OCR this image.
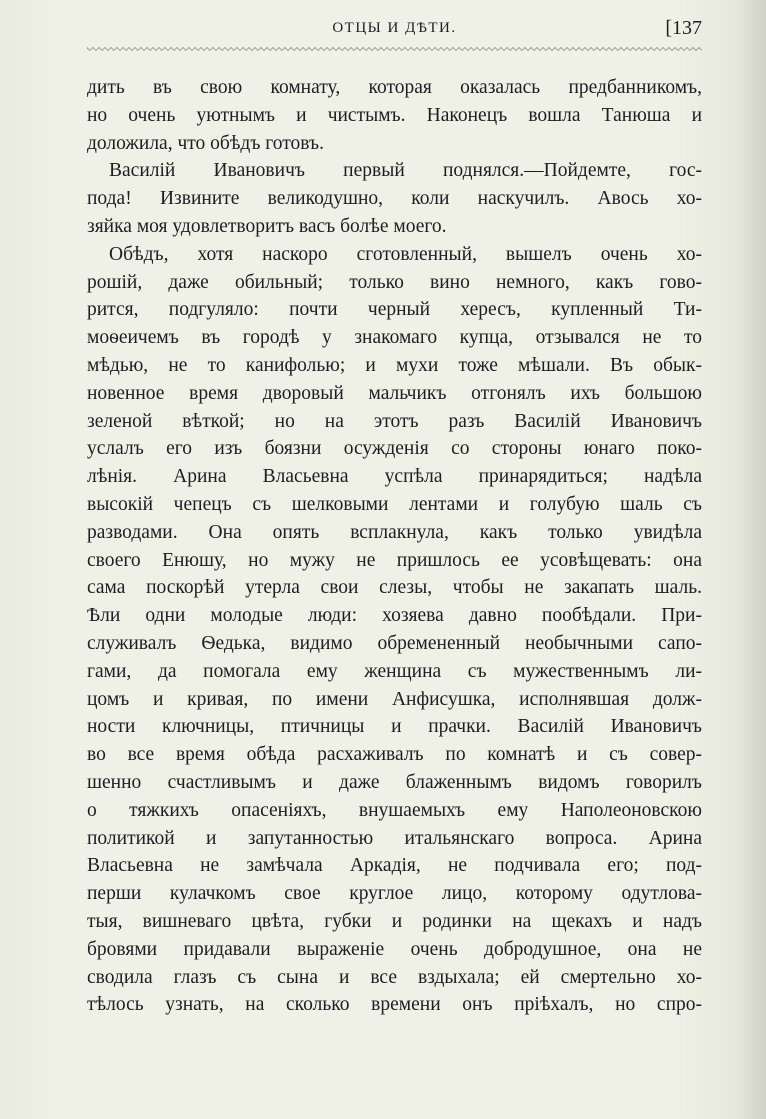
ОТЦЫ И ДѢТИ.	[137
дить въ свою комнату, которая оказалась предбанникомъ,
но очень уютнымъ и чистымъ. Наконецъ вошла Танюша и
доложила, что обѣдъ готовъ.
Василій Ивановичъ первый поднялся.—Пойдемте, гос-
пода! Извините великодушно, коли наскучилъ. Авось хо-
зяйка моя удовлетворитъ васъ болѣе моего.
Обѣдъ, хотя наскоро сготовленный, вышелъ очень хо-
рошій, даже обильный; только вино немного, какъ гово-
рится, подгуляло: почти черный хересъ, купленный Ти-
моѳеичемъ въ городѣ у знакомаго купца, отзывался не то
мѣдью, не то канифолью; и мухи тоже мѣшали. Въ обык-
новенное время дворовый мальчикъ отгонялъ ихъ большою
зеленой вѣткой; но на этотъ разъ Василій Ивановичъ
услалъ его изъ боязни осужденія со стороны юнаго поко-
лѣнія. Арина Власьевна успѣла принарядиться; надѣла
высокій чепецъ съ шелковыми лентами и голубую шаль съ
разводами. Она опять всплакнула, какъ только увидѣла
своего Енюшу, но мужу не пришлось ее усовѣщевать: она
сама поскорѣй утерла свои слезы, чтобы не закапать шаль.
Ѣли одни молодые люди: хозяева давно пообѣдали. При-
служивалъ Ѳедька, видимо обремененный необычными сапо-
гами, да помогала ему женщина съ мужественнымъ ли-
цомъ и кривая, по имени Анфисушка, исполнявшая долж-
ности ключницы, птичницы и прачки. Василій Ивановичъ
во все время обѣда расхаживалъ по комнатѣ и съ совер-
шенно счастливымъ и даже блаженнымъ видомъ говорилъ
о тяжкихъ опасеніяхъ, внушаемыхъ ему Наполеоновскою
политикой и запутанностью итальянскаго вопроса. Арина
Власьевна не замѣчала Аркадія, не подчивала его; под-
перши кулачкомъ свое круглое лицо, которому одутлова-
тыя, вишневаго цвѣта, губки и родинки на щекахъ и надъ
бровями придавали выраженіе очень добродушное, она не
сводила глазъ съ сына и все вздыхала; ей смертельно хо-
тѣлось узнать, на сколько времени онъ пріѣхалъ, но спро-
